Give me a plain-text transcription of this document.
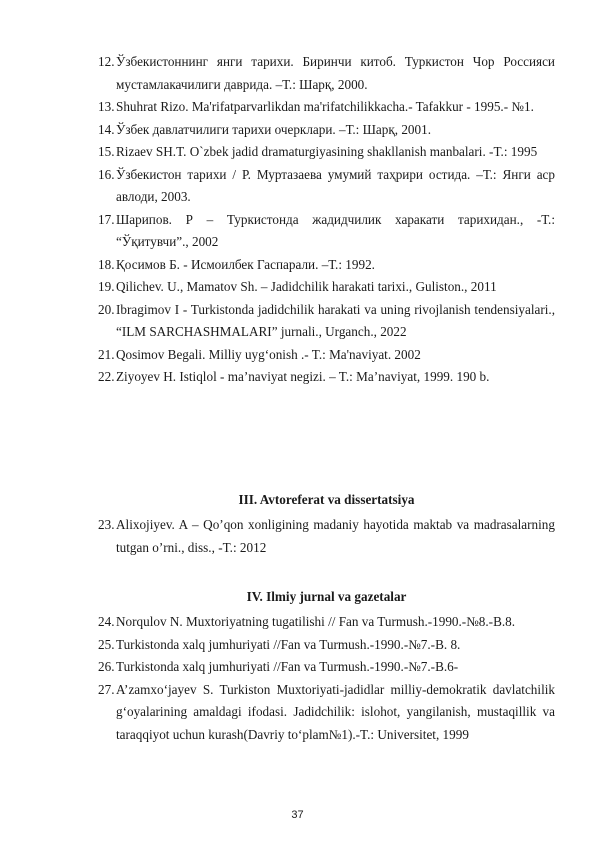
12. Ўзбекистоннинг янги тарихи. Биринчи китоб. Туркистон Чор Россияси мустамлакачилиги даврида. –Т.: Шарқ, 2000.
13. Shuhrat Rizo. Ma'rifatparvarlikdan ma'rifatchilikkacha.- Tafakkur - 1995.- №1.
14. Ўзбек давлатчилиги тарихи очерклари. –Т.: Шарқ, 2001.
15. Rizaev SH.T. O`zbek jadid dramaturgiyasining shakllanish manbalari. -T.: 1995
16. Ўзбекистон тарихи / Р. Муртазаева умумий таҳрири остида. –Т.: Янги аср авлоди, 2003.
17. Шарипов. Р – Туркистонда жадидчилик харакати тарихидан., -Т.: “Ўқитувчи”., 2002
18. Қосимов Б. - Исмоилбек Гаспарали. –Т.: 1992.
19. Qilichev. U., Mamatov Sh. – Jadidchilik harakati tarixi., Guliston., 2011
20. Ibragimov I - Turkistonda jadidchilik harakati va uning rivojlanish tendensiyalari., “ILM SARCHASHMALARI” jurnali., Urganch., 2022
21. Qosimov Begali. Milliy uyg‘onish .- T.: Ma'naviyat. 2002
22. Ziyoyev H. Istiqlol - ma’naviyat negizi. – T.: Ma’naviyat, 1999. 190 b.
III. Avtoreferat va dissertatsiya
23. Alixojiyev. A – Qo’qon xonligining madaniy hayotida maktab va madrasalarning tutgan o’rni., diss., -T.: 2012
IV. Ilmiy jurnal va gazetalar
24. Norqulov N. Muxtoriyatning tugatilishi // Fan va Turmush.-1990.-№8.-B.8.
25. Turkistonda xalq jumhuriyati //Fan va Turmush.-1990.-№7.-B. 8.
26. Turkistonda xalq jumhuriyati //Fan va Turmush.-1990.-№7.-B.6-
27. A’zamxo‘jayev S. Turkiston Muxtoriyati-jadidlar milliy-demokratik davlatchilik g‘oyalarining amaldagi ifodasi. Jadidchilik: islohot, yangilanish, mustaqillik va taraqqiyot uchun kurash(Davriy to‘plam№1).-T.: Universitet, 1999
37
